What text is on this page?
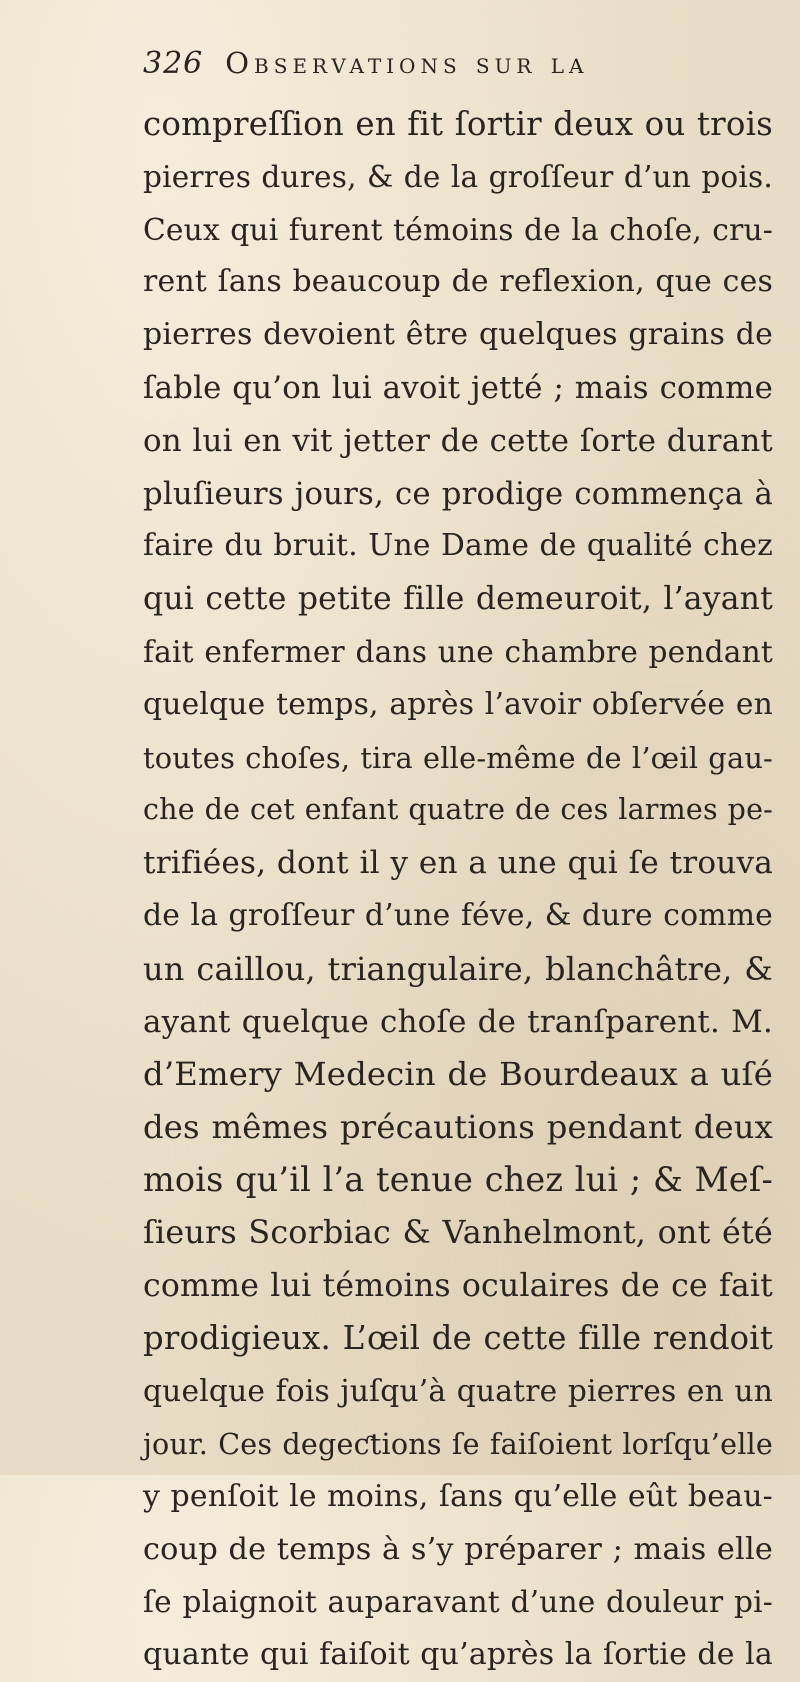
326 Observations sur la
compreſſion en fit ſortir deux ou trois
pierres dures, & de la groſſeur d’un pois.
Ceux qui furent témoins de la choſe, cru-
rent ſans beaucoup de reflexion, que ces
pierres devoient être quelques grains de
ſable qu’on lui avoit jetté ; mais comme
on lui en vit jetter de cette ſorte durant
pluſieurs jours, ce prodige commença à
faire du bruit. Une Dame de qualité chez
qui cette petite fille demeuroit, l’ayant
fait enfermer dans une chambre pendant
quelque temps, après l’avoir obſervée en
toutes choſes, tira elle-même de l’œil gau-
che de cet enfant quatre de ces larmes pe-
trifiées, dont il y en a une qui ſe trouva
de la groſſeur d’une féve, & dure comme
un caillou, triangulaire, blanchâtre, &
ayant quelque choſe de tranſparent. M.
d’Emery Medecin de Bourdeaux a uſé
des mêmes précautions pendant deux
mois qu’il l’a tenue chez lui ; & Meſ-
ſieurs Scorbiac & Vanhelmont, ont été
comme lui témoins oculaires de ce fait
prodigieux. L’œil de cette fille rendoit
quelque fois juſqu’à quatre pierres en un
jour. Ces degeƈtions ſe faiſoient lorſqu’elle
y penſoit le moins, ſans qu’elle eût beau-
coup de temps à s’y préparer ; mais elle
ſe plaignoit auparavant d’une douleur pi-
quante qui faiſoit qu’après la ſortie de la
